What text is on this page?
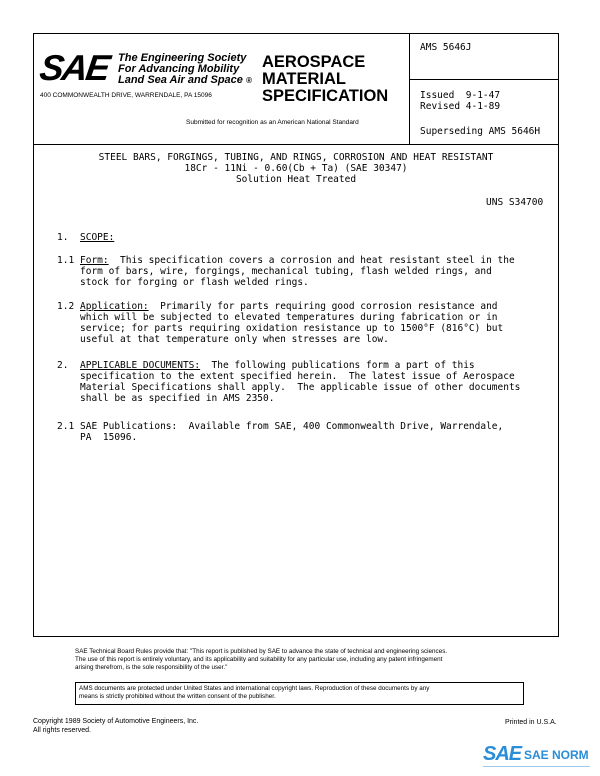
SAE The Engineering Society
For Advancing Mobility
Land Sea Air and Space ®
400 COMMONWEALTH DRIVE, WARRENDALE, PA 15096
AEROSPACE
MATERIAL
SPECIFICATION
Submitted for recognition as an American National Standard
AMS 5646J
Issued  9-1-47
Revised 4-1-89
Superseding AMS 5646H
STEEL BARS, FORGINGS, TUBING, AND RINGS, CORROSION AND HEAT RESISTANT
18Cr - 11Ni - 0.60(Cb + Ta) (SAE 30347)
Solution Heat Treated
UNS S34700
1. SCOPE:
1.1 Form:  This specification covers a corrosion and heat resistant steel in the
form of bars, wire, forgings, mechanical tubing, flash welded rings, and
stock for forging or flash welded rings.
1.2 Application:  Primarily for parts requiring good corrosion resistance and
which will be subjected to elevated temperatures during fabrication or in
service; for parts requiring oxidation resistance up to 1500°F (816°C) but
useful at that temperature only when stresses are low.
2. APPLICABLE DOCUMENTS:  The following publications form a part of this
specification to the extent specified herein.  The latest issue of Aerospace
Material Specifications shall apply.  The applicable issue of other documents
shall be as specified in AMS 2350.
2.1 SAE Publications:  Available from SAE, 400 Commonwealth Drive, Warrendale,
PA  15096.
SAE Technical Board Rules provide that: "This report is published by SAE to advance the state of technical and engineering sciences.
The use of this report is entirely voluntary, and its applicability and suitability for any particular use, including any patent infringement
arising therefrom, is the sole responsibility of the user."
AMS documents are protected under United States and international copyright laws. Reproduction of these documents by any
means is strictly prohibited without the written consent of the publisher.
Copyright 1989 Society of Automotive Engineers, Inc.
All rights reserved.
Printed in U.S.A.
SAE SAE NORM
